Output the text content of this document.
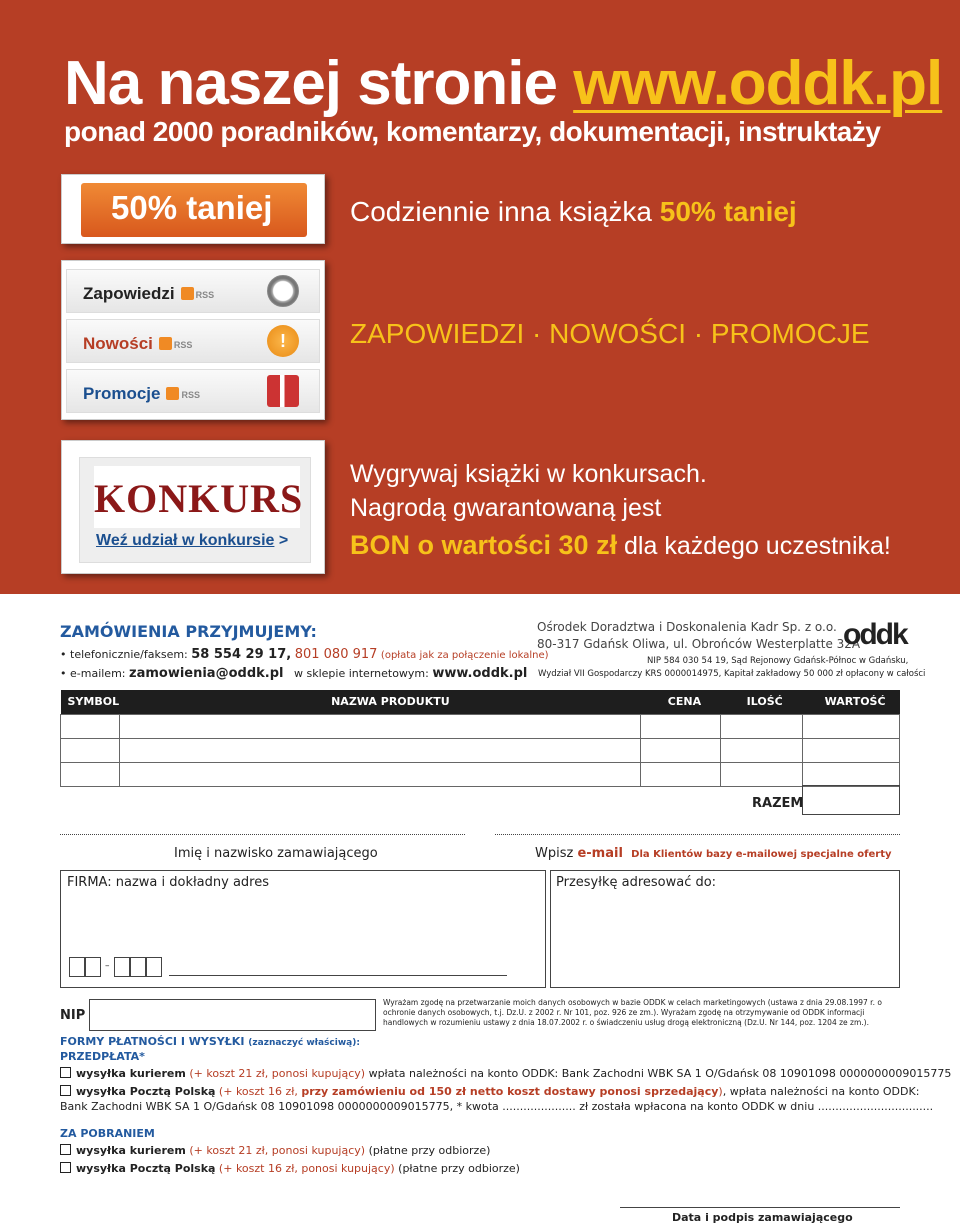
Na naszej stronie www.oddk.pl
ponad 2000 poradników, komentarzy, dokumentacji, instruktaży
50% taniej	Codziennie inna książka 50% taniej
Zapowiedzi RSS
Nowości RSS	!
Promocje RSS
ZAPOWIEDZI · NOWOŚCI · PROMOCJE
KONKURS
Weź udział w konkursie >
Wygrywaj książki w konkursach.
Nagrodą gwarantowaną jest
BON o wartości 30 zł dla każdego uczestnika!
ZAMÓWIENIA PRZYJMUJEMY:
• telefonicznie/faksem: 58 554 29 17, 801 080 917 (opłata jak za połączenie lokalne)
• e-mailem: zamowienia@oddk.pl w sklepie internetowym: www.oddk.pl
Ośrodek Doradztwa i Doskonalenia Kadr Sp. z o.o.
80-317 Gdańsk Oliwa, ul. Obrońców Westerplatte 32A
oddk
NIP 584 030 54 19, Sąd Rejonowy Gdańsk-Północ w Gdańsku,
Wydział VII Gospodarczy KRS 0000014975, Kapitał zakładowy 50 000 zł opłacony w całości
SYMBOL	NAZWA PRODUKTU	CENA	ILOŚĆ	WARTOŚĆ

RAZEM
Imię i nazwisko zamawiającego	Wpisz e-mail Dla Klientów bazy e-mailowej specjalne oferty
FIRMA: nazwa i dokładny adres
–
Przesyłkę adresować do:
NIP
Wyrażam zgodę na przetwarzanie moich danych osobowych w bazie ODDK w celach marketingowych (ustawa z dnia 29.08.1997 r. o ochronie danych osobowych, t.j. Dz.U. z 2002 r. Nr 101, poz. 926 ze zm.). Wyrażam zgodę na otrzymywanie od ODDK informacji handlowych w rozumieniu ustawy z dnia 18.07.2002 r. o świadczeniu usług drogą elektroniczną (Dz.U. Nr 144, poz. 1204 ze zm.).
FORMY PŁATNOŚCI I WYSYŁKI (zaznaczyć właściwą):
PRZEDPŁATA*
wysyłka kurierem (+ koszt 21 zł, ponosi kupujący) wpłata należności na konto ODDK: Bank Zachodni WBK SA 1 O/Gdańsk 08 10901098 0000000009015775
wysyłka Pocztą Polską (+ koszt 16 zł, przy zamówieniu od 150 zł netto koszt dostawy ponosi sprzedający), wpłata należności na konto ODDK:
Bank Zachodni WBK SA 1 O/Gdańsk 08 10901098 0000000009015775, * kwota ..................... zł została wpłacona na konto ODDK w dniu .................................
ZA POBRANIEM
wysyłka kurierem (+ koszt 21 zł, ponosi kupujący) (płatne przy odbiorze)
wysyłka Pocztą Polską (+ koszt 16 zł, ponosi kupujący) (płatne przy odbiorze)
Data i podpis zamawiającego
